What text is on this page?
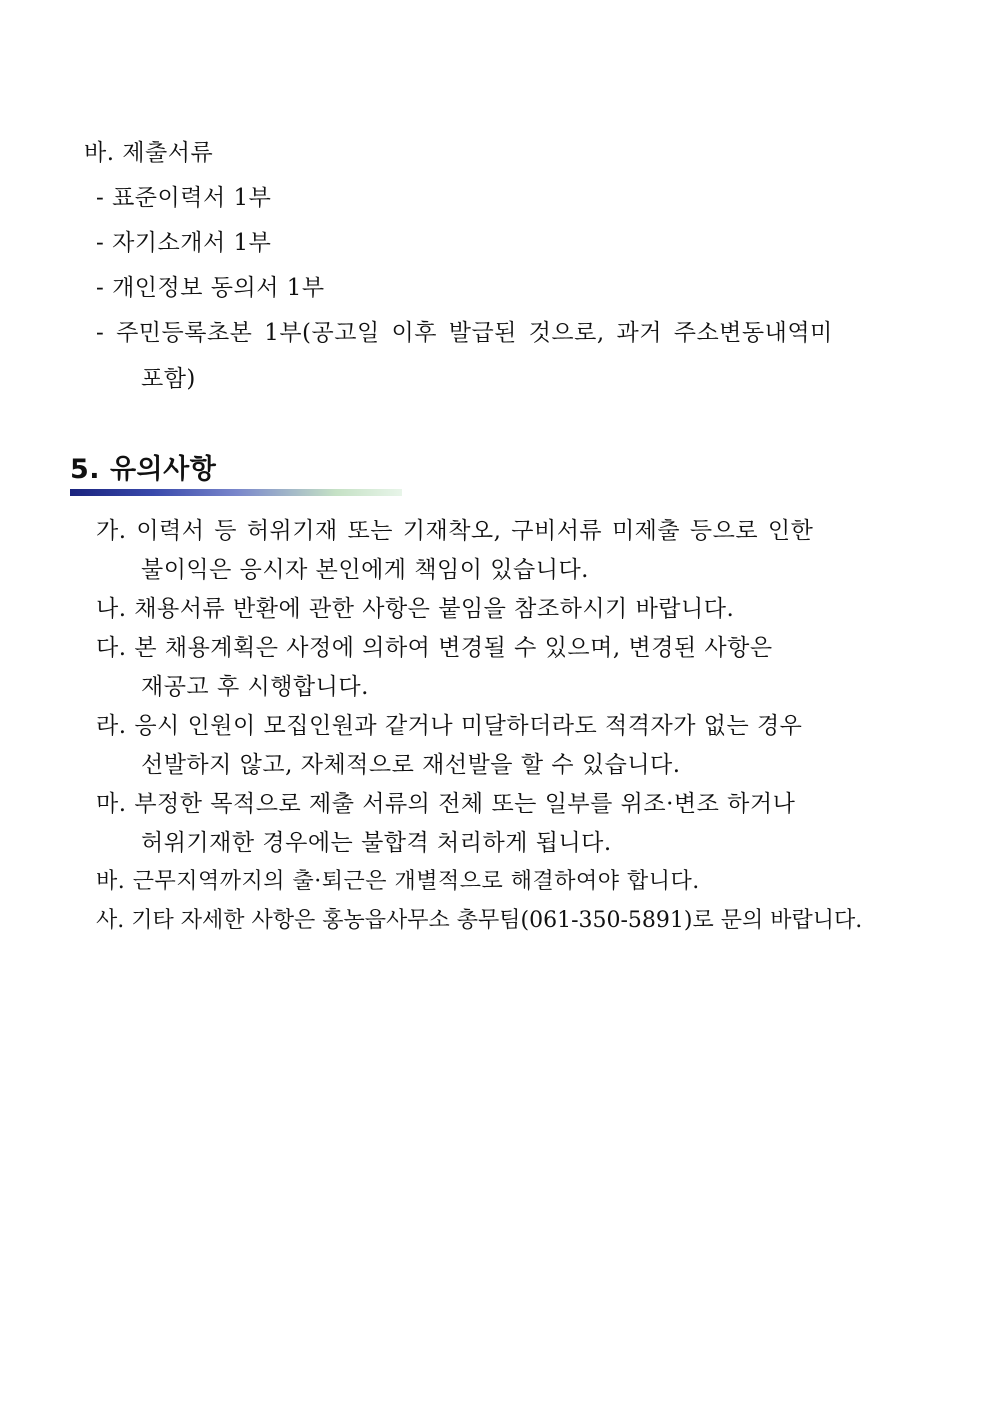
바. 제출서류
- 표준이력서 1부
- 자기소개서 1부
- 개인정보 동의서 1부
- 주민등록초본 1부(공고일 이후 발급된 것으로, 과거 주소변동내역미
포함)
5. 유의사항
가. 이력서 등 허위기재 또는 기재착오, 구비서류 미제출 등으로 인한
불이익은 응시자 본인에게 책임이 있습니다.
나. 채용서류 반환에 관한 사항은 붙임을 참조하시기 바랍니다.
다. 본 채용계획은 사정에 의하여 변경될 수 있으며, 변경된 사항은
재공고 후 시행합니다.
라. 응시 인원이 모집인원과 같거나 미달하더라도 적격자가 없는 경우
선발하지 않고, 자체적으로 재선발을 할 수 있습니다.
마. 부정한 목적으로 제출 서류의 전체 또는 일부를 위조·변조 하거나
허위기재한 경우에는 불합격 처리하게 됩니다.
바. 근무지역까지의 출·퇴근은 개별적으로 해결하여야 합니다.
사. 기타 자세한 사항은 홍농읍사무소 총무팀(061-350-5891)로 문의 바랍니다.
